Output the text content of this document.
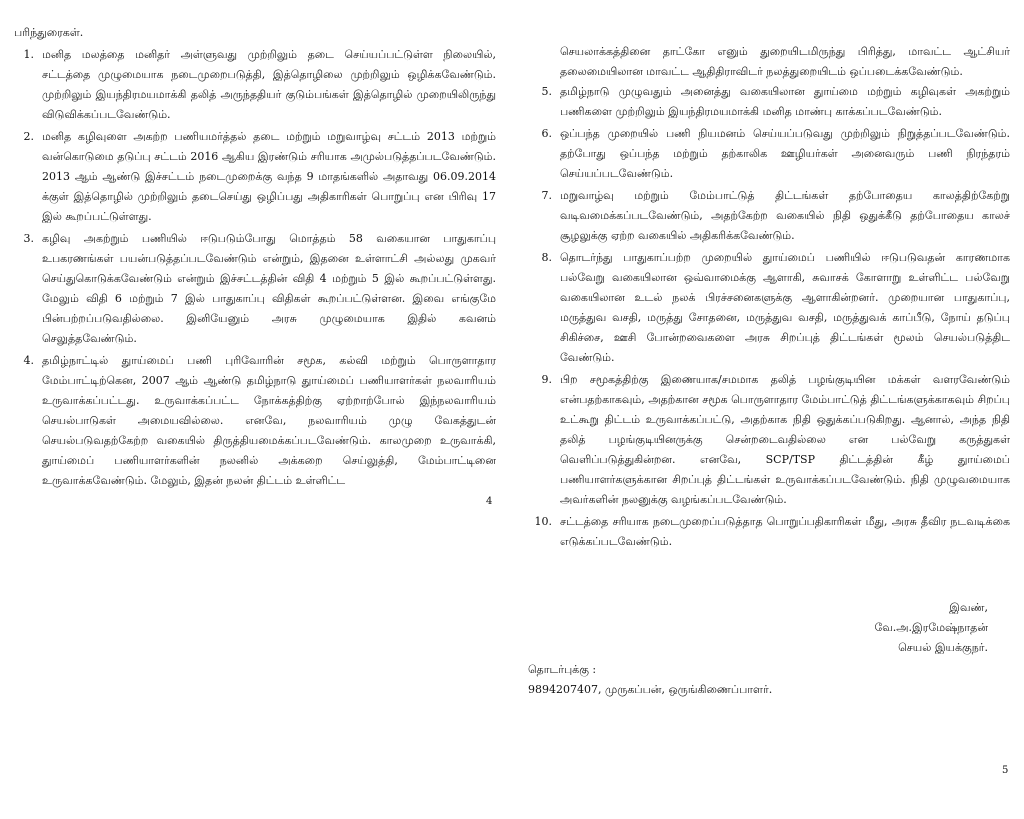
பரிந்துரைகள்.

1. மனித மலத்தை மனிதர் அள்ளுவது முற்றிலும் தடை செய்யப்பட்டுள்ள நிலையில், சட்டத்தை முழுமையாக நடைமுறைபடுத்தி, இத்தொழிலை முற்றிலும் ஒழிக்கவேண்டும். முற்றிலும் இயந்திரமயமாக்கி தலித் அருந்ததியர் குடும்பங்கள் இத்தொழில் முறையிலிருந்து விடுவிக்கப்படவேண்டும்.
2. மனித கழிவுளை அகற்ற பணியமர்த்தல் தடை மற்றும் மறுவாழ்வு சட்டம் 2013 மற்றும் வன்கொடுமை தடுப்பு சட்டம் 2016 ஆகிய இரண்டும் சரியாக அமுல்படுத்தப்படவேண்டும். 2013 ஆம் ஆண்டு இச்சட்டம் நடைமுறைக்கு வந்த 9 மாதங்களில் அதாவது 06.09.2014 க்குள் இத்தொழில் முற்றிலும் தடைசெய்து ஒழிப்பது அதிகாரிகள் பொறுப்பு என பிரிவு 17 இல் கூறப்பட்டுள்ளது.
3. கழிவு அகற்றும் பணியில் ஈடுபடும்போது மொத்தம் 58 வகையான பாதுகாப்பு உபகரணங்கள் பயன்படுத்தப்படவேண்டும் என்றும், இதனை உள்ளாட்சி அல்லது முகவர் செய்துகொடுக்கவேண்டும் என்றும் இச்சட்டத்தின் விதி 4 மற்றும் 5 இல் கூறப்பட்டுள்ளது. மேலும் விதி 6 மற்றும் 7 இல் பாதுகாப்பு விதிகள் கூறப்பட்டுள்ளன. இவை எங்குமே பின்பற்றப்படுவதில்லை. இனியேனும் அரசு முழுமையாக இதில் கவனம் செலுத்தவேண்டும்.
4. தமிழ்நாட்டில் துாய்மைப் பணி புரிவோரின் சமூக, கல்வி மற்றும் பொருளாதார மேம்பாட்டிற்கென, 2007 ஆம் ஆண்டு தமிழ்நாடு துாய்மைப் பணியாளர்கள் நலவாரியம் உருவாக்கப்பட்டது. உருவாக்கப்பட்ட நோக்கத்திற்கு ஏற்றாற்போல் இந்நலவாரியம் செயல்பாடுகள் அமையவில்லை. எனவே, நலவாரியம் முழு வேகத்துடன் செயல்படுவதற்கேற்ற வகையில் திருத்தியமைக்கப்படவேண்டும். காலமுறை உருவாக்கி, துாய்மைப் பணியாளர்களின் நலனில் அக்கறை செய்லுத்தி, மேம்பாட்டினை உருவாக்கவேண்டும். மேலும், இதன் நலன் திட்டம் உள்ளிட்ட
4

செயலாக்கத்தினை தாட்கோ எனும் துறையிடமிருந்து பிரித்து, மாவட்ட ஆட்சியர் தலைமையிலான மாவட்ட ஆதிதிராவிடர் நலத்துறையிடம் ஒப்படைக்கவேண்டும்.

5. தமிழ்நாடு முழுவதும் அனைத்து வகையிலான துாய்மை மற்றும் கழிவுகள் அகற்றும் பணிகளை முற்றிலும் இயந்திரமயமாக்கி மனித மாண்பு காக்கப்படவேண்டும்.
6. ஒப்பந்த முறையில் பணி நியமனம் செய்யப்படுவது முற்றிலும் நிறுத்தப்படவேண்டும். தற்போது ஒப்பந்த மற்றும் தற்காலிக ஊழியர்கள் அனைவரும் பணி நிரந்தரம் செய்யப்படவேண்டும்.
7. மறுவாழ்வு மற்றும் மேம்பாட்டுத் திட்டங்கள் தற்போதைய காலத்திற்கேற்று வடிவமைக்கப்படவேண்டும், அதற்கேற்ற வகையில் நிதி ஒதுக்கீடு தற்போதைய காலச் சூழலுக்கு ஏற்ற வகையில் அதிகரிக்கவேண்டும்.
8. தொடர்ந்து பாதுகாப்பற்ற முறையில் துாய்மைப் பணியில் ஈடுபடுவதன் காரணமாக பல்வேறு வகையிலான ஒவ்வாமைக்கு ஆளாகி, சுவாசக் கோளாறு உள்ளிட்ட பல்வேறு வகையிலான உடல் நலக் பிரச்சனைகளுக்கு ஆளாகின்றனர். முறையான பாதுகாப்பு, மருத்துவ வசதி, மருத்து சோதனை, மருத்துவ வசதி, மருத்துவக் காப்பீடு, நோய் தடுப்பு சிகிச்சை, ஊசி போன்றவைகளை அரசு சிறப்புத் திட்டங்கள் மூலம் செயல்படுத்திட வேண்டும்.
9. பிற சமூகத்திற்கு இணையாக/சமமாக தலித் பழங்குடியின மக்கள் வளரவேண்டும் என்பதற்காகவும், அதற்கான சமூக பொருளாதார மேம்பாட்டுத் திட்டங்களுக்காகவும் சிறப்பு உட்கூறு திட்டம் உருவாக்கப்பட்டு, அதற்காக நிதி ஒதுக்கப்படுகிறது. ஆனால், அந்த நிதி தலித் பழங்குடியினருக்கு சென்றடைவதில்லை என பல்வேறு கருத்துகள் வெளிப்படுத்துகின்றன. எனவே, SCP/TSP திட்டத்தின் கீழ் துாய்மைப் பணியாளர்களுக்கான சிறப்புத் திட்டங்கள் உருவாக்கப்படவேண்டும். நிதி முழுவமையாக அவர்களின் நலனுக்கு வழங்கப்படவேண்டும்.
10. சட்டத்தை சரியாக நடைமுறைப்படுத்தாத பொறுப்பதிகாரிகள் மீது, அரசு தீவிர நடவடிக்கை எடுக்கப்படவேண்டும்.
இவண்,
வே.அ.இரமேஷ்நாதன்
செயல் இயக்குநர்.
தொடர்புக்கு :
9894207407, முருகப்பன், ஒருங்கிணைப்பாளர்.
5
